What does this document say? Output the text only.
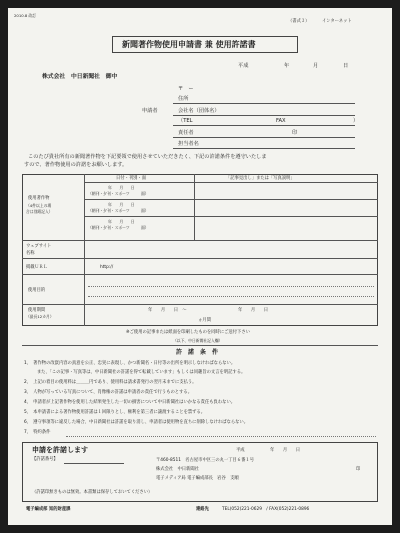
2010.8 改訂
（書式３）	インターネット
新聞著作物使用申請書 兼 使用許諾書
平成	年	月	日
株式会社　中日新聞社　御中
〒　ー
住所
申請者	会社名（団体名）
（TEL	FAX	）
責任者	印
担当者名
このたび貴社所有の新聞著作物を下記要領で使用させていただきたく、下記の許諾条件を遵守いたしま
すので、著作物使用の許諾をお願いします。
日付・刊別・面	「記事見出し」または「写真説明」
使用著作物
（4件以上の場
合は別紙記入）
年　　月　　日
（朝刊・夕刊・スポーツ　　　面）
年　　月　　日
（朝刊・夕刊・スポーツ　　　面）
年　　月　　日
（朝刊・夕刊・スポーツ　　　面）
ウェブサイト
名称
掲載ＵＲＬ	http://
使用目的
使用期間
（最長12カ月）
年　　月　　日　〜	年　　月　　日
ヵ月間
※ご使用の記事または紙面を印刷したものを同時にご送付下さい
（以下、中日新聞社記入欄）
許　諾　条　件
1、　著作物の改竄内容の真意を公正、忠実に表現し、かつ新聞名・日付等の出所を明示しなければならない。
　　　また、「この記事・写真等は、中日新聞社の許諾を得て転載しています」もしくは同趣旨の文言を明記する。
2、　上記の着目の使用料は＿＿＿円であり、使用料は請求書発行の翌月末までに支払う。
3、　人物が写っている写真について、肖像権の許諾は申請者の責任で行うものとする。
4、　申請者が上記著作物を使用した結果発生した一切の損害について中日新聞社はいかなる責任も負わない。
5、　本申請書による著作物使用許諾は１回限りとし、権利を第三者に譲渡することを禁ずる。
6、　遵守事項等に違反した場合、中日新聞社は許諾を取り消し、申請者は使用物を直ちに削除しなければならない。
7、　特約条件
申請を許諾します
【許諾番号】
平成	年　　月　　日
〒460-8511　名古屋市中区三の丸一丁目６番１号
株式会社　中日新聞社	印
電子メディア局 電子編成部長　岩谷　支順
（許諾印無きものは無効。本書類は保存しておいてください）
電子編成部 知的財産課	連絡先	TEL(052)221-0629　/ FAX(052)221-0896
